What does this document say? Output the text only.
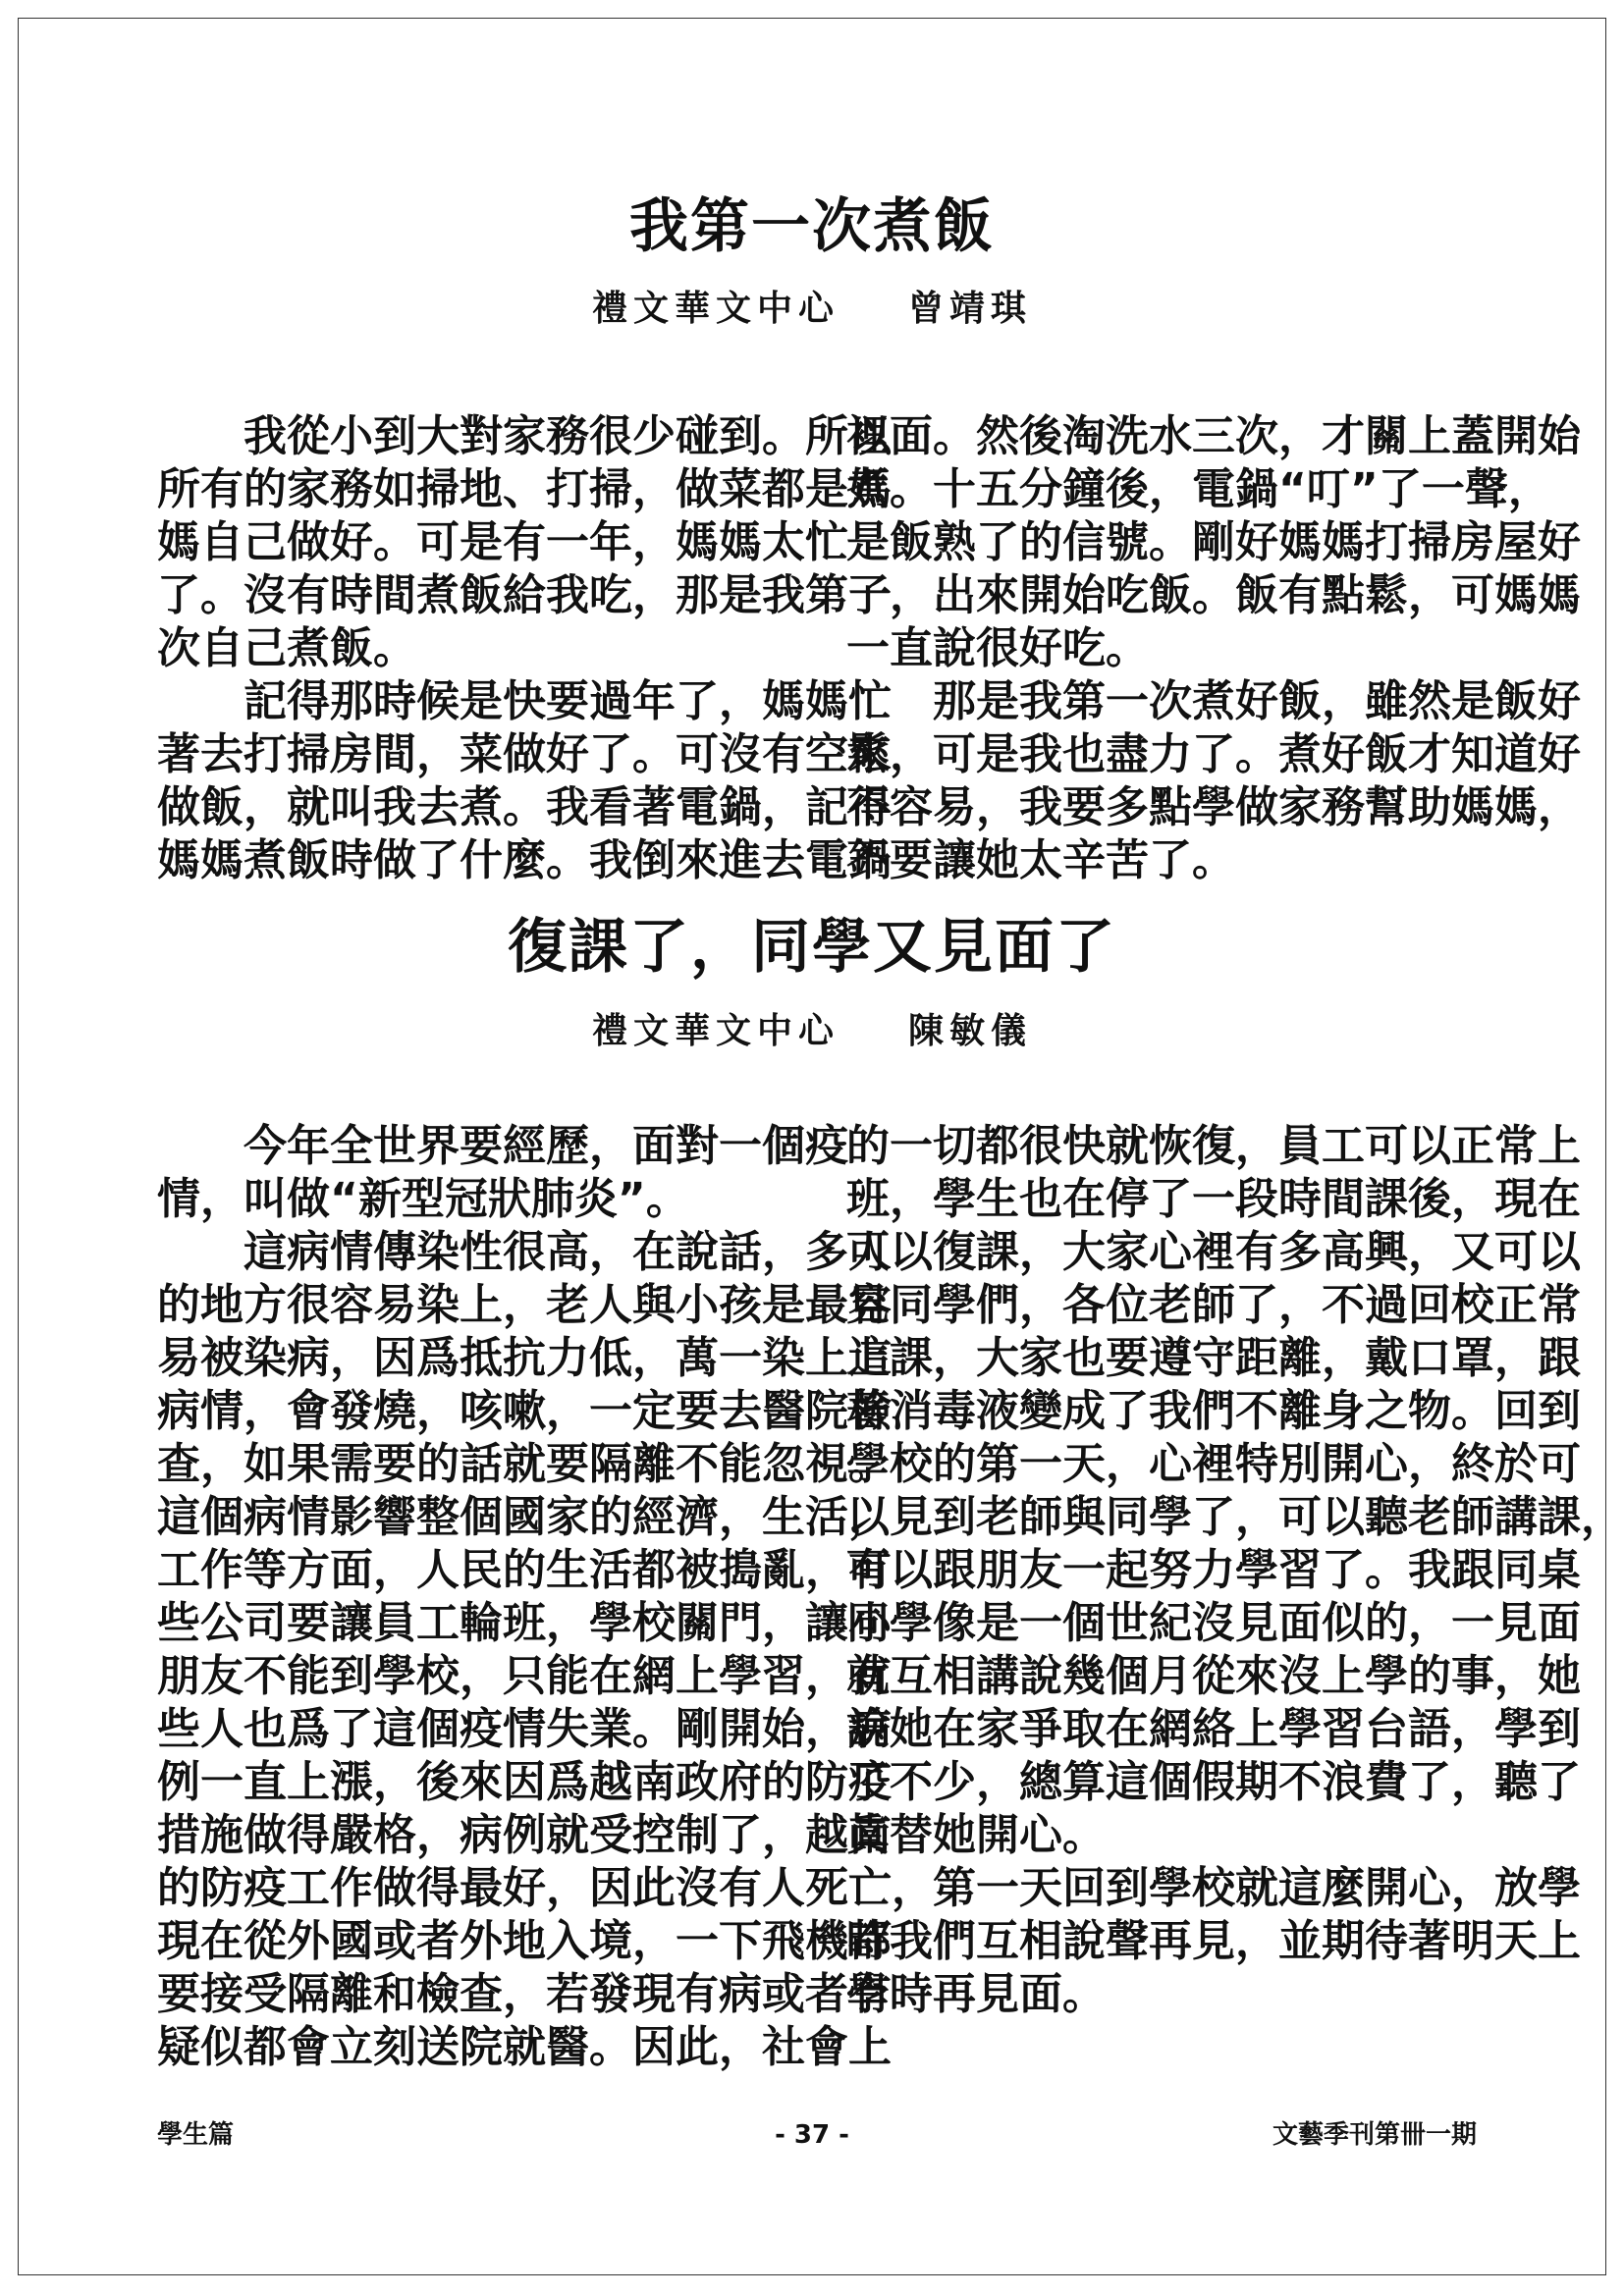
我第一次煮飯
禮文華文中心 曾靖琪
　　我從小到大對家務很少碰到。所以
所有的家務如掃地、打掃，做菜都是媽
媽自己做好。可是有一年，媽媽太忙
了。沒有時間煮飯給我吃，那是我第一
次自己煮飯。
　　記得那時候是快要過年了，媽媽忙
著去打掃房間，菜做好了。可沒有空來
做飯，就叫我去煮。我看著電鍋，記得
媽媽煮飯時做了什麼。我倒來進去電鍋
裡面。然後淘洗水三次，才關上蓋開始
煮。十五分鐘後，電鍋“叮”了一聲，
是飯熟了的信號。剛好媽媽打掃房屋好
了，出來開始吃飯。飯有點鬆，可媽媽
一直說很好吃。
　　那是我第一次煮好飯，雖然是飯好
鬆，可是我也盡力了。煮好飯才知道好
不容易，我要多點學做家務幫助媽媽，
不要讓她太辛苦了。
復課了，同學又見面了
禮文華文中心 陳敏儀
　　今年全世界要經歷，面對一個疫
情，叫做“新型冠狀肺炎”。
　　這病情傳染性很高，在說話，多人
的地方很容易染上，老人與小孩是最容
易被染病，因爲抵抗力低，萬一染上這
病情，會發燒，咳嗽，一定要去醫院檢
查，如果需要的話就要隔離不能忽視。
這個病情影響整個國家的經濟，生活，
工作等方面，人民的生活都被搗亂，有
些公司要讓員工輪班，學校關門，讓小
朋友不能到學校，只能在網上學習，有
些人也爲了這個疫情失業。剛開始，病
例一直上漲，後來因爲越南政府的防疫
措施做得嚴格，病例就受控制了，越南
的防疫工作做得最好，因此沒有人死亡，
現在從外國或者外地入境，一下飛機都
要接受隔離和檢查，若發現有病或者有
疑似都會立刻送院就醫。因此，社會上
的一切都很快就恢復，員工可以正常上
班，學生也在停了一段時間課後，現在
可以復課，大家心裡有多高興，又可以
見同學們，各位老師了，不過回校正常
上課，大家也要遵守距離，戴口罩，跟
著消毒液變成了我們不離身之物。回到
學校的第一天，心裡特別開心，終於可
以見到老師與同學了，可以聽老師講課，
可以跟朋友一起努力學習了。我跟同桌
同學像是一個世紀沒見面似的，一見面
就互相講說幾個月從來沒上學的事，她
說她在家爭取在網絡上學習台語，學到
了不少，總算這個假期不浪費了，聽了
眞替她開心。
　　第一天回到學校就這麼開心，放學
時我們互相說聲再見，並期待著明天上
學時再見面。
學生篇	- 37 -	文藝季刊第卌一期
